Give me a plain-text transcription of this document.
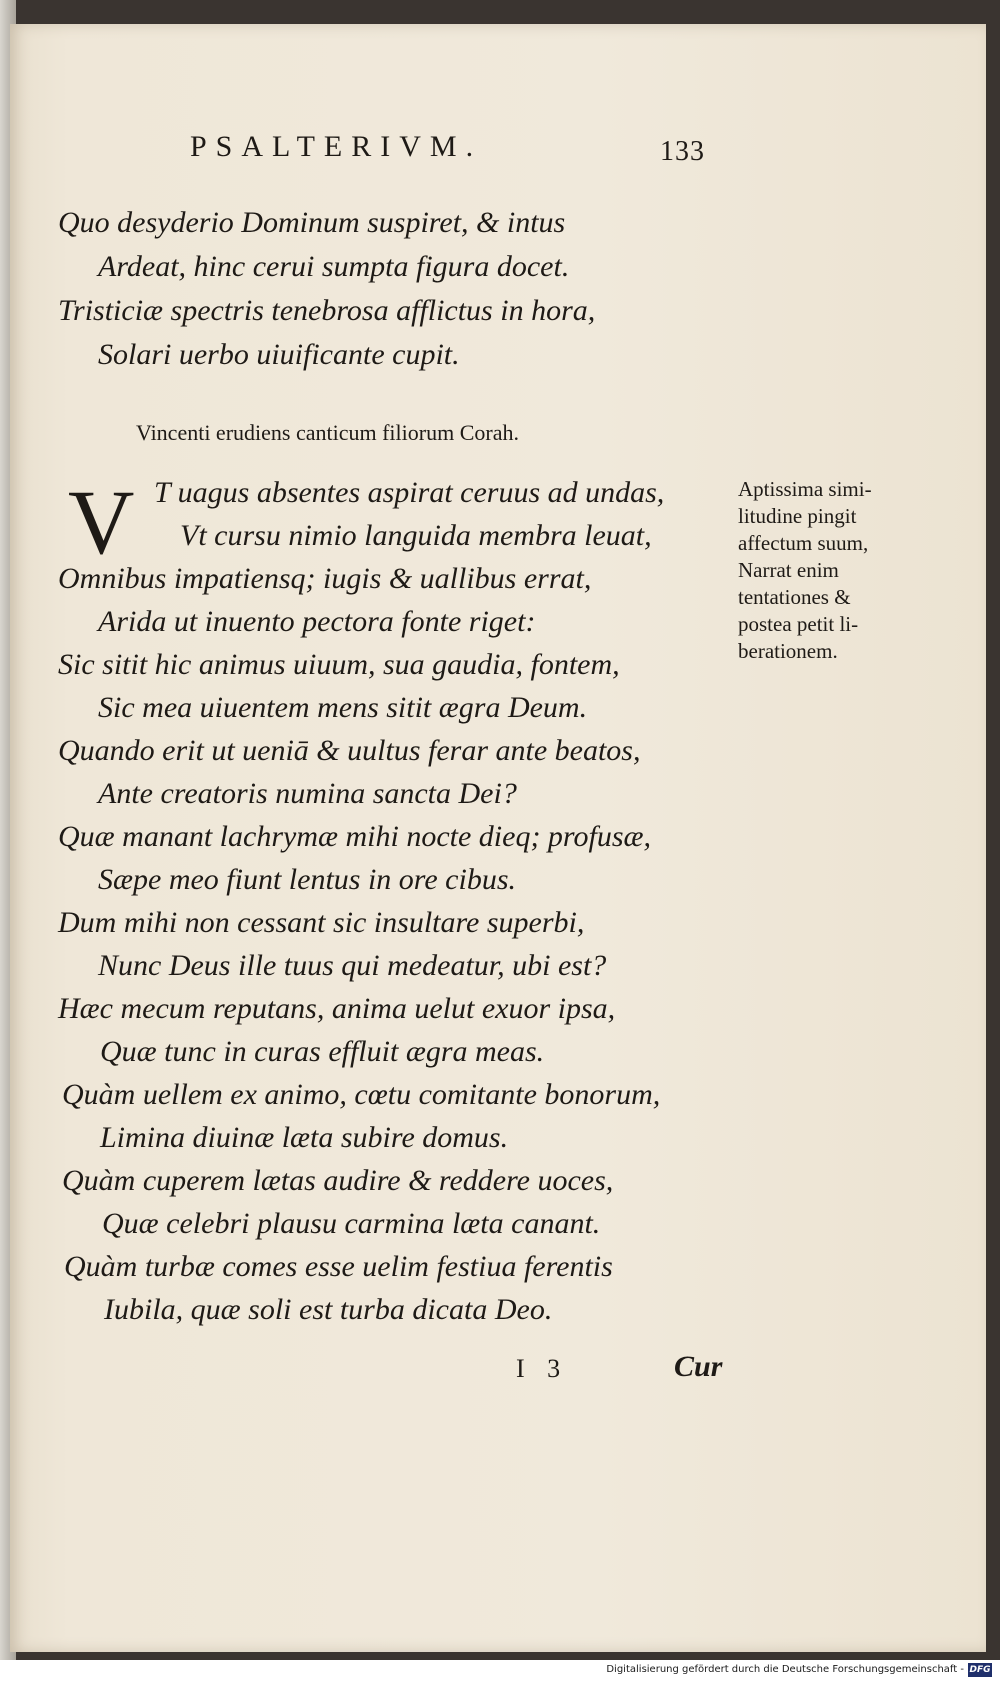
PSALTERIVM.	133
Quo desyderio Dominum suspiret, & intus
Ardeat, hinc cerui sumpta figura docet.
Tristiciæ spectris tenebrosa afflictus in hora,
Solari uerbo uiuificante cupit.
Vincenti erudiens canticum filiorum Corah.
V T uagus absentes aspirat ceruus ad undas,
Vt cursu nimio languida membra leuat,
Omnibus impatiensq; iugis & uallibus errat,
Arida ut inuento pectora fonte riget:
Sic sitit hic animus uiuum, sua gaudia, fontem,
Sic mea uiuentem mens sitit ægra Deum.
Quando erit ut ueniā & uultus ferar ante beatos,
Ante creatoris numina sancta Dei?
Quæ manant lachrymæ mihi nocte dieq; profusæ,
Sæpe meo fiunt lentus in ore cibus.
Dum mihi non cessant sic insultare superbi,
Nunc Deus ille tuus qui medeatur, ubi est?
Hæc mecum reputans, anima uelut exuor ipsa,
Quæ tunc in curas effluit ægra meas.
Quàm uellem ex animo, cœtu comitante bonorum,
Limina diuinæ læta subire domus.
Quàm cuperem lætas audire & reddere uoces,
Quæ celebri plausu carmina læta canant.
Quàm turbæ comes esse uelim festiua ferentis
Iubila, quæ soli est turba dicata Deo.
Aptissima simi-
litudine pingit
affectum suum,
Narrat enim
tentationes &
postea petit li-
berationem.
I 3	Cur
Digitalisierung gefördert durch die Deutsche Forschungsgemeinschaft - DFG
